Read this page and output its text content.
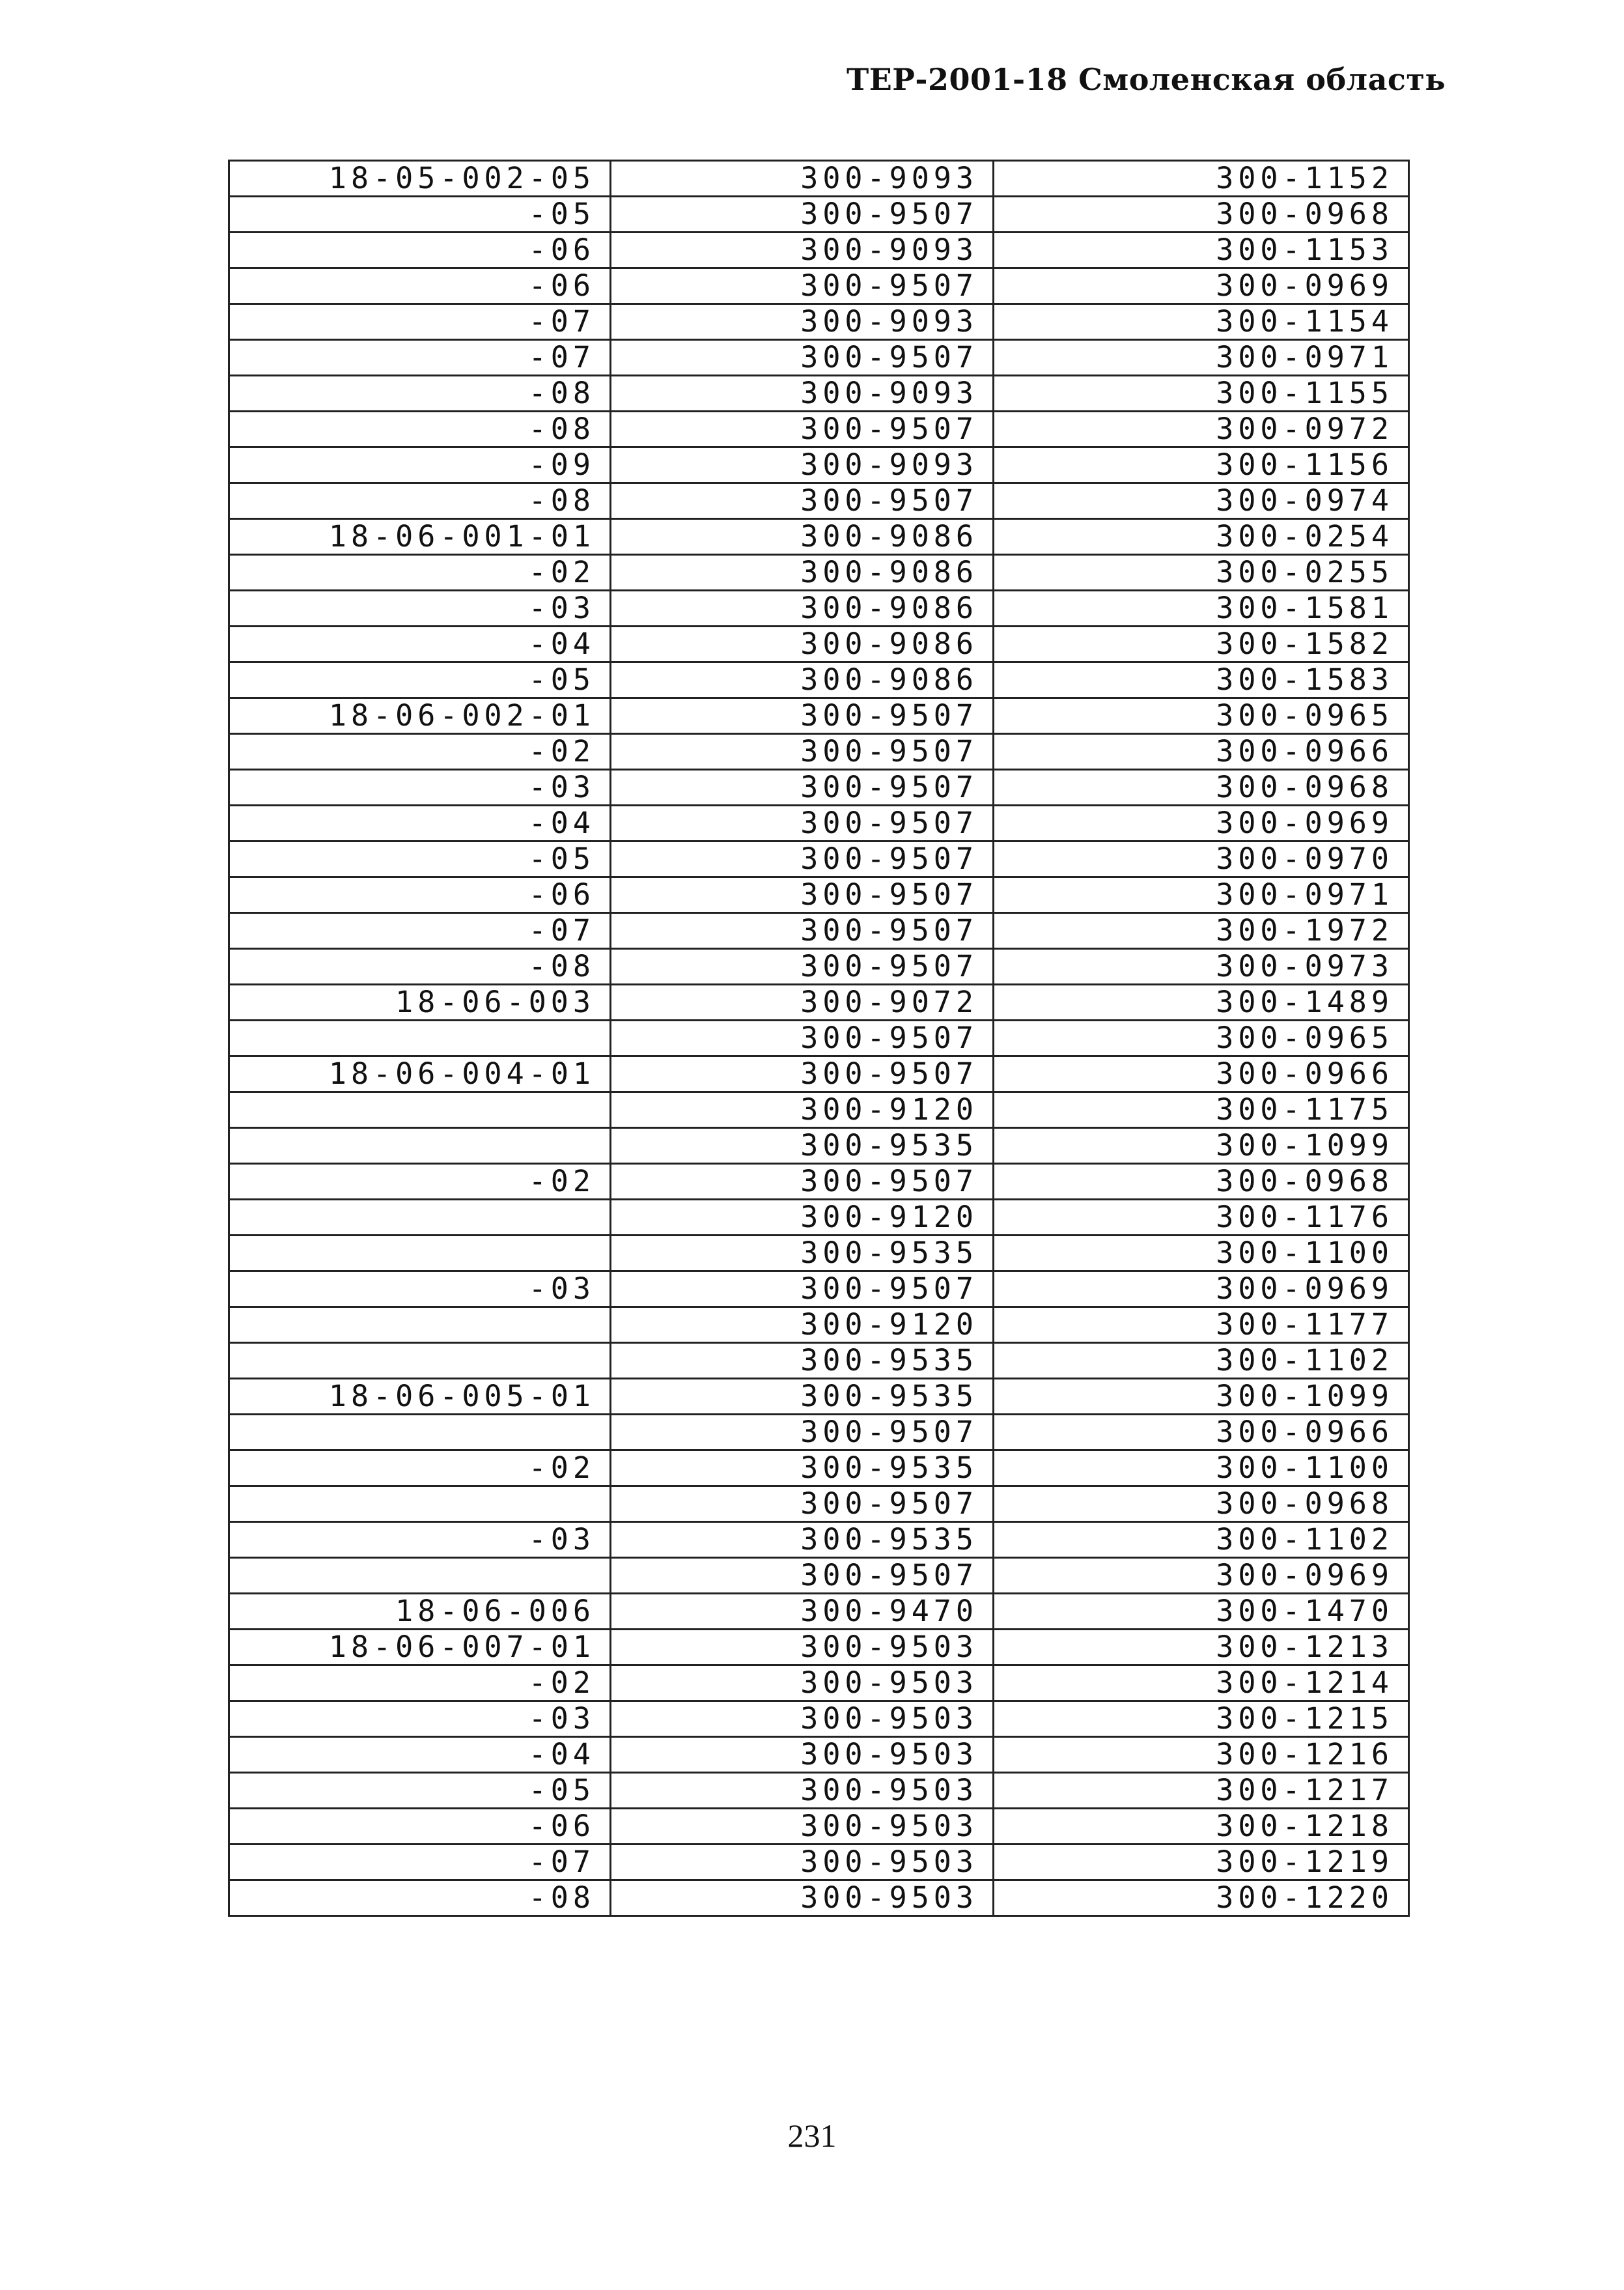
ТЕР-2001-18 Смоленская область
18-05-002-05	300-9093	300-1152
-05	300-9507	300-0968
-06	300-9093	300-1153
-06	300-9507	300-0969
-07	300-9093	300-1154
-07	300-9507	300-0971
-08	300-9093	300-1155
-08	300-9507	300-0972
-09	300-9093	300-1156
-08	300-9507	300-0974
18-06-001-01	300-9086	300-0254
-02	300-9086	300-0255
-03	300-9086	300-1581
-04	300-9086	300-1582
-05	300-9086	300-1583
18-06-002-01	300-9507	300-0965
-02	300-9507	300-0966
-03	300-9507	300-0968
-04	300-9507	300-0969
-05	300-9507	300-0970
-06	300-9507	300-0971
-07	300-9507	300-1972
-08	300-9507	300-0973
18-06-003	300-9072	300-1489
	300-9507	300-0965
18-06-004-01	300-9507	300-0966
	300-9120	300-1175
	300-9535	300-1099
-02	300-9507	300-0968
	300-9120	300-1176
	300-9535	300-1100
-03	300-9507	300-0969
	300-9120	300-1177
	300-9535	300-1102
18-06-005-01	300-9535	300-1099
	300-9507	300-0966
-02	300-9535	300-1100
	300-9507	300-0968
-03	300-9535	300-1102
	300-9507	300-0969
18-06-006	300-9470	300-1470
18-06-007-01	300-9503	300-1213
-02	300-9503	300-1214
-03	300-9503	300-1215
-04	300-9503	300-1216
-05	300-9503	300-1217
-06	300-9503	300-1218
-07	300-9503	300-1219
-08	300-9503	300-1220
231
